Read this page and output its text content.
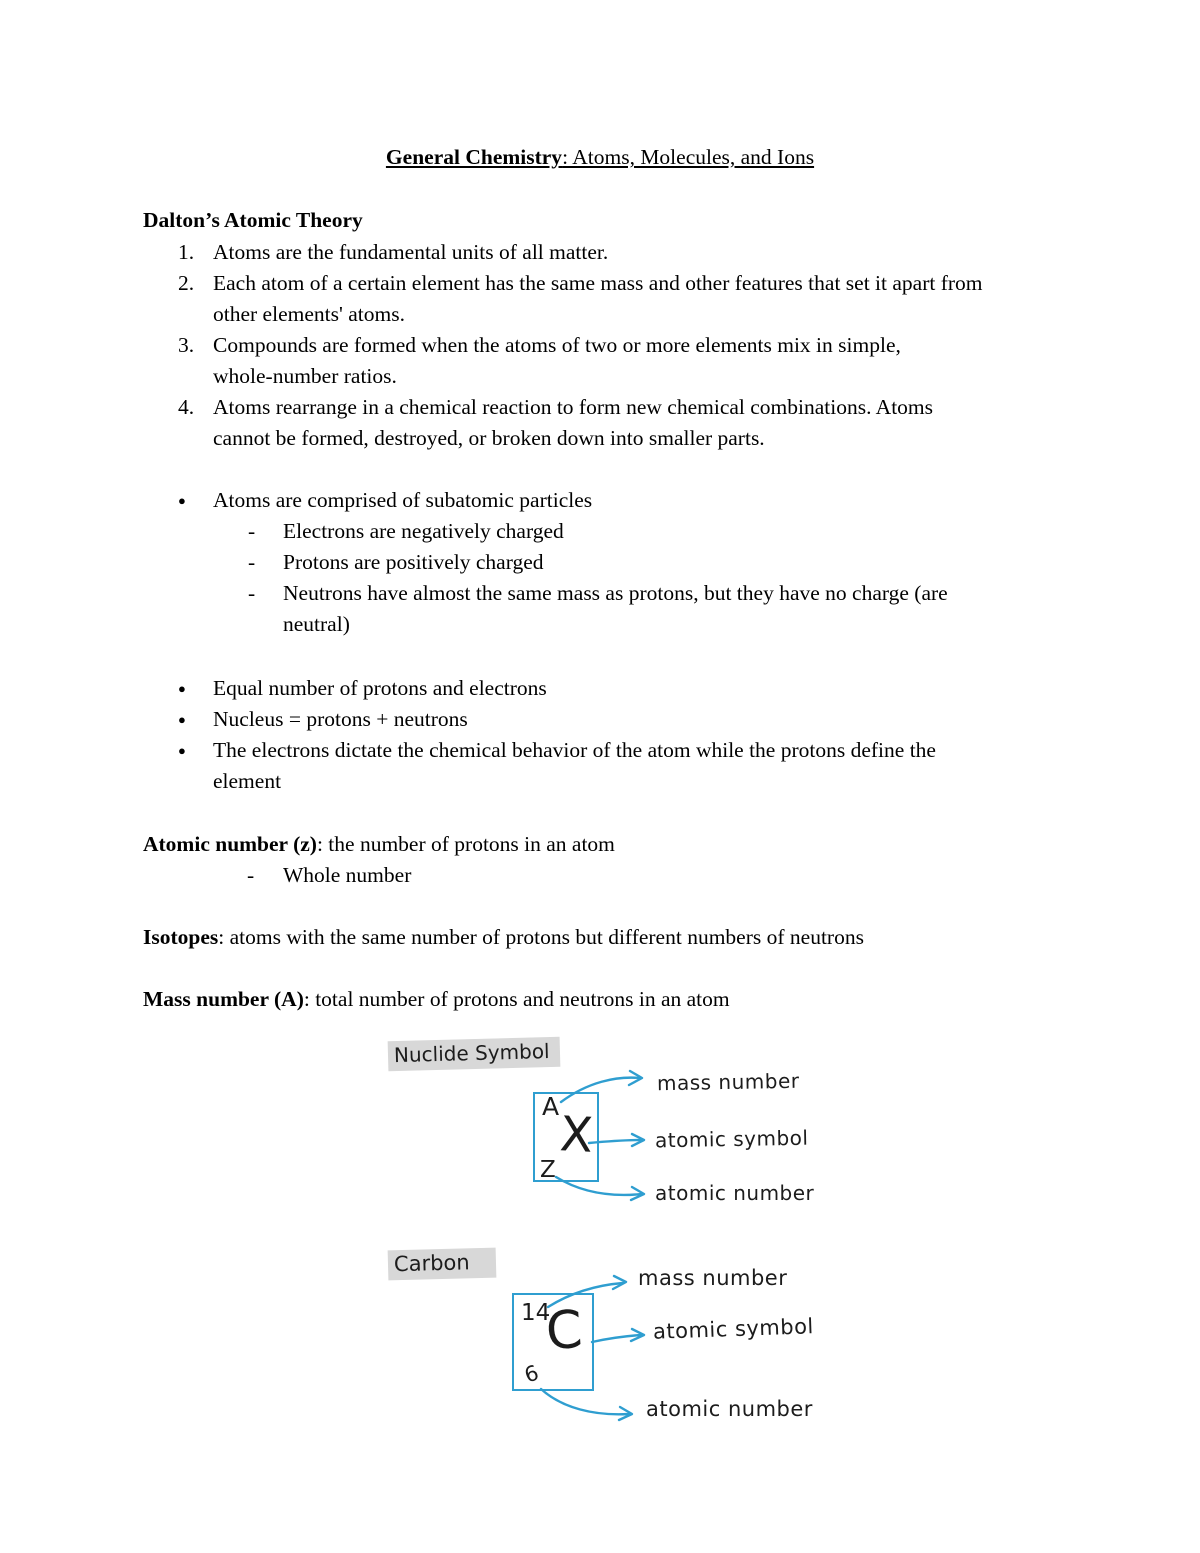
General Chemistry: Atoms, Molecules, and Ions
Dalton’s Atomic Theory
1. Atoms are the fundamental units of all matter.
2. Each atom of a certain element has the same mass and other features that set it apart from
other elements' atoms.
3. Compounds are formed when the atoms of two or more elements mix in simple,
whole-number ratios.
4. Atoms rearrange in a chemical reaction to form new chemical combinations. Atoms
cannot be formed, destroyed, or broken down into smaller parts.
●	Atoms are comprised of subatomic particles
-	Electrons are negatively charged
-	Protons are positively charged
-	Neutrons have almost the same mass as protons, but they have no charge (are
neutral)
●	Equal number of protons and electrons
●	Nucleus = protons + neutrons
●	The electrons dictate the chemical behavior of the atom while the protons define the
element
Atomic number (z): the number of protons in an atom
-	Whole number
Isotopes: atoms with the same number of protons but different numbers of neutrons
Mass number (A): total number of protons and neutrons in an atom
Nuclide Symbol
A X
Z
mass number
atomic symbol
atomic number
Carbon
14
C
6
mass number
atomic symbol
atomic number
